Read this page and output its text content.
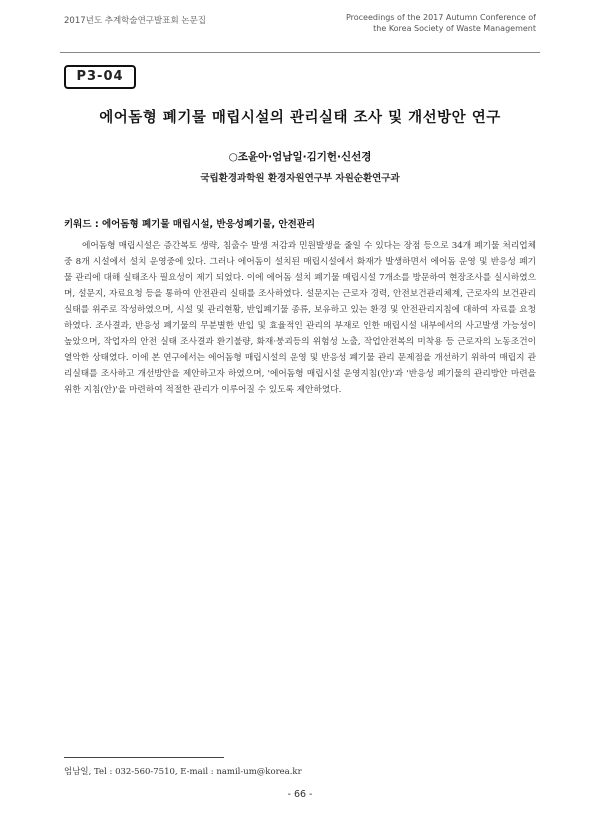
2017년도 추계학술연구발표회 논문집	Proceedings of the 2017 Autumn Conference of
the Korea Society of Waste Management
P3-04
에어돔형 폐기물 매립시설의 관리실태 조사 및 개선방안 연구
○조윤아·엄남일·김기헌·신선경
국립환경과학원 환경자원연구부 자원순환연구과
키워드 : 에어돔형 폐기물 매립시설, 반응성폐기물, 안전관리
에어돔형 매립시설은 증간복토 생략, 침출수 발생 저감과 민원발생을 줄일 수 있다는 장점 등으로 34개 폐기물 처리업체 중 8개 시설에서 설치 운영중에 있다. 그러나 에어돔이 설치된 매립시설에서 화재가 발생하면서 에어돔 운영 및 반응성 폐기물 관리에 대해 실태조사 필요성이 제기 되었다. 이에 에어돔 설치 폐기물 매립시설 7개소를 방문하여 현장조사를 실시하였으며, 설문지, 자료요청 등을 통하여 안전관리 실태를 조사하였다. 설문지는 근로자 경력, 안전보건관리체계, 근로자의 보건관리실태를 위주로 작성하였으며, 시설 및 관리현황, 반입폐기물 종류, 보유하고 있는 환경 및 안전관리지침에 대하여 자료를 요청하였다. 조사결과, 반응성 폐기물의 무분별한 반입 및 효율적인 관리의 부재로 인한 매립시설 내부에서의 사고발생 가능성이 높았으며, 작업자의 안전 실태 조사결과 환기불량, 화재·붕괴등의 위험성 노출, 작업안전복의 미착용 등 근로자의 노동조건이 열악한 상태였다. 이에 본 연구에서는 에어돔형 매립시설의 운영 및 반응성 폐기물 관리 문제점을 개선하기 위하여 매립지 관리실태를 조사하고 개선방안을 제안하고자 하였으며, '에어돔형 매립시설 운영지침(안)'과 '반응성 폐기물의 관리방안 마련을 위한 지침(안)'을 마련하여 적절한 관리가 이루어질 수 있도록 제안하였다.
엄남일, Tel : 032-560-7510, E-mail : namil-um@korea.kr
- 66 -
